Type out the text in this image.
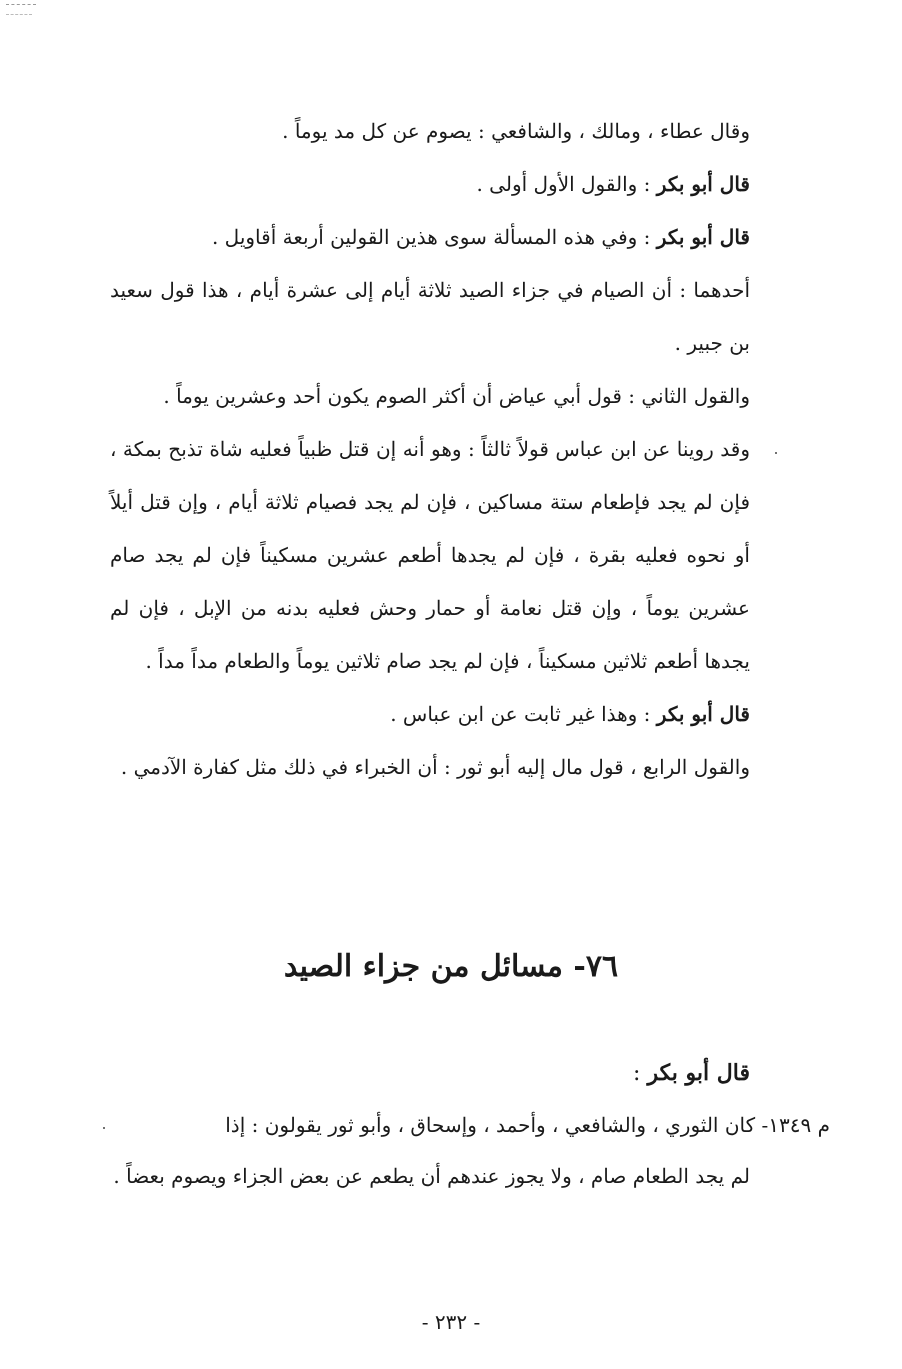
وقال عطاء ، ومالك ، والشافعي : يصوم عن كل مد يوماً .

قال أبو بكر : والقول الأول أولى .

قال أبو بكر : وفي هذه المسألة سوى هذين القولين أربعة أقاويل .

أحدهما : أن الصيام في جزاء الصيد ثلاثة أيام إلى عشرة أيام ، هذا قول سعيد بن جبير .

والقول الثاني : قول أبي عياض أن أكثر الصوم يكون أحد وعشرين يوماً .

وقد روينا عن ابن عباس قولاً ثالثاً : وهو أنه إن قتل ظبياً فعليه شاة تذبح بمكة ، فإن لم يجد فإطعام ستة مساكين ، فإن لم يجد فصيام ثلاثة أيام ، وإن قتل أيلاً أو نحوه فعليه بقرة ، فإن لم يجدها أطعم عشرين مسكيناً فإن لم يجد صام عشرين يوماً ، وإن قتل نعامة أو حمار وحش فعليه بدنه من الإبل ، فإن لم يجدها أطعم ثلاثين مسكيناً ، فإن لم يجد صام ثلاثين يوماً والطعام مداً مداً .

قال أبو بكر : وهذا غير ثابت عن ابن عباس .

والقول الرابع ، قول مال إليه أبو ثور : أن الخبراء في ذلك مثل كفارة الآدمي .

٧٦- مسائل من جزاء الصيد
قال أبو بكر :
م ١٣٤٩- كان الثوري ، والشافعي ، وأحمد ، وإسحاق ، وأبو ثور يقولون : إذا
لم يجد الطعام صام ، ولا يجوز عندهم أن يطعم عن بعض الجزاء ويصوم بعضاً .
- ٢٣٢ -
